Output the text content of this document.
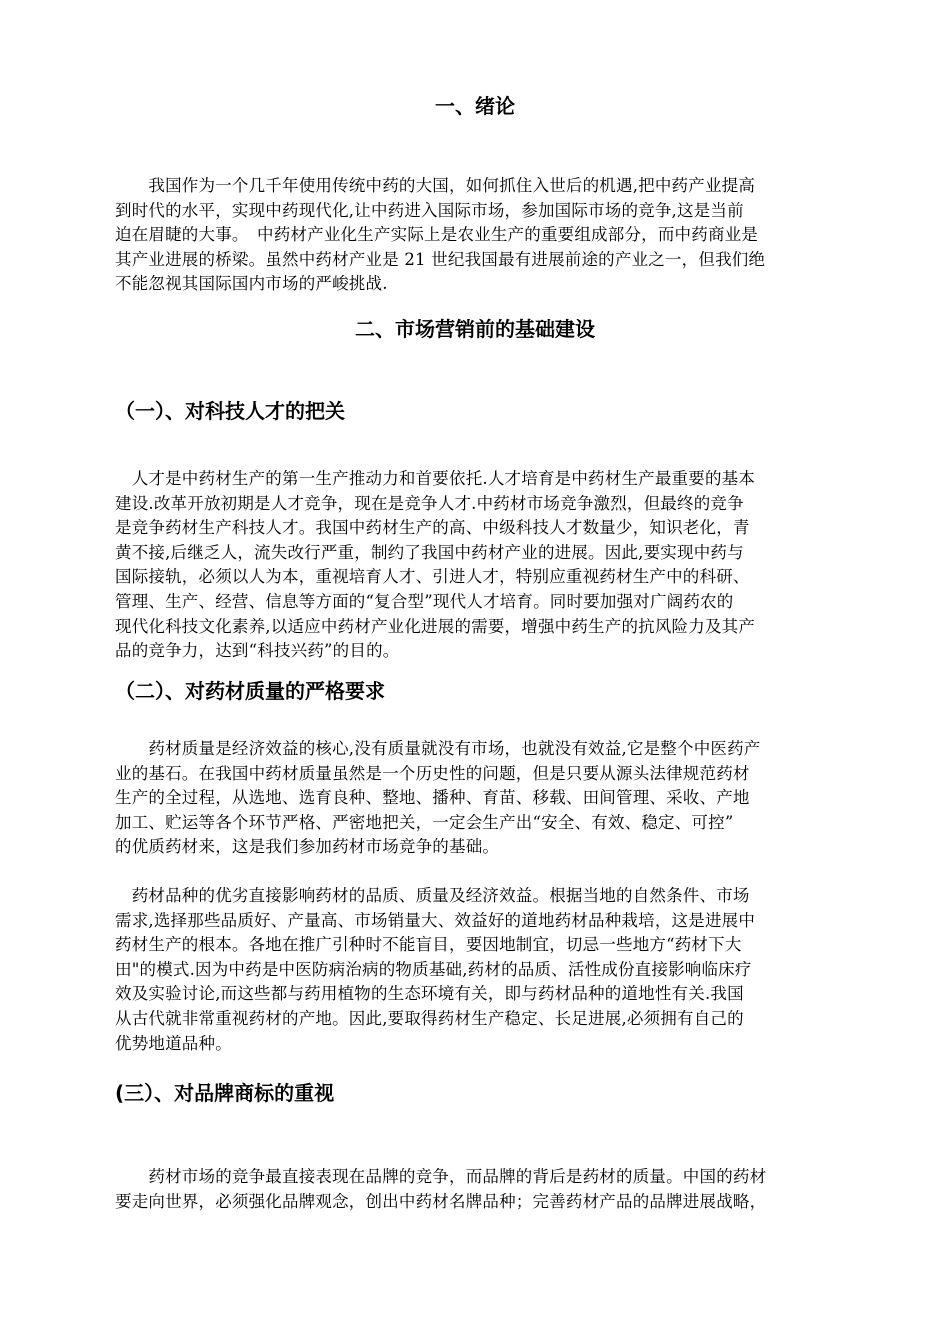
一、绪论
　　我国作为一个几千年使用传统中药的大国，如何抓住入世后的机遇,把中药产业提高
到时代的水平，实现中药现代化,让中药进入国际市场，参加国际市场的竞争,这是当前
迫在眉睫的大事。　中药材产业化生产实际上是农业生产的重要组成部分，而中药商业是
其产业进展的桥梁。虽然中药材产业是 21 世纪我国最有进展前途的产业之一，但我们绝
不能忽视其国际国内市场的严峻挑战.
二、市场营销前的基础建设
（一）、对科技人才的把关
　人才是中药材生产的第一生产推动力和首要依托.人才培育是中药材生产最重要的基本
建设.改革开放初期是人才竞争，现在是竞争人才.中药材市场竞争激烈，但最终的竞争
是竞争药材生产科技人才。我国中药材生产的高、中级科技人才数量少，知识老化，青
黄不接,后继乏人，流失改行严重，制约了我国中药材产业的进展。因此,要实现中药与
国际接轨，必须以人为本，重视培育人才、引进人才，特别应重视药材生产中的科研、
管理、生产、经营、信息等方面的“复合型”现代人才培育。同时要加强对广阔药农的
现代化科技文化素养,以适应中药材产业化进展的需要，增强中药生产的抗风险力及其产
品的竞争力，达到“科技兴药”的目的。
（二）、对药材质量的严格要求
　　药材质量是经济效益的核心,没有质量就没有市场，也就没有效益,它是整个中医药产
业的基石。在我国中药材质量虽然是一个历史性的问题，但是只要从源头法律规范药材
生产的全过程，从选地、选育良种、整地、播种、育苗、移载、田间管理、采收、产地
加工、贮运等各个环节严格、严密地把关，一定会生产出“安全、有效、稳定、可控”
的优质药材来，这是我们参加药材市场竞争的基础。
　药材品种的优劣直接影响药材的品质、质量及经济效益。根据当地的自然条件、市场
需求,选择那些品质好、产量高、市场销量大、效益好的道地药材品种栽培，这是进展中
药材生产的根本。各地在推广引种时不能盲目，要因地制宜，切忌一些地方“药材下大
田"的模式.因为中药是中医防病治病的物质基础,药材的品质、活性成份直接影响临床疗
效及实验讨论,而这些都与药用植物的生态环境有关，即与药材品种的道地性有关.我国
从古代就非常重视药材的产地。因此,要取得药材生产稳定、长足进展,必须拥有自己的
优势地道品种。
(三）、对品牌商标的重视
　　药材市场的竞争最直接表现在品牌的竞争，而品牌的背后是药材的质量。中国的药材
要走向世界，必须强化品牌观念，创出中药材名牌品种；完善药材产品的品牌进展战略，
